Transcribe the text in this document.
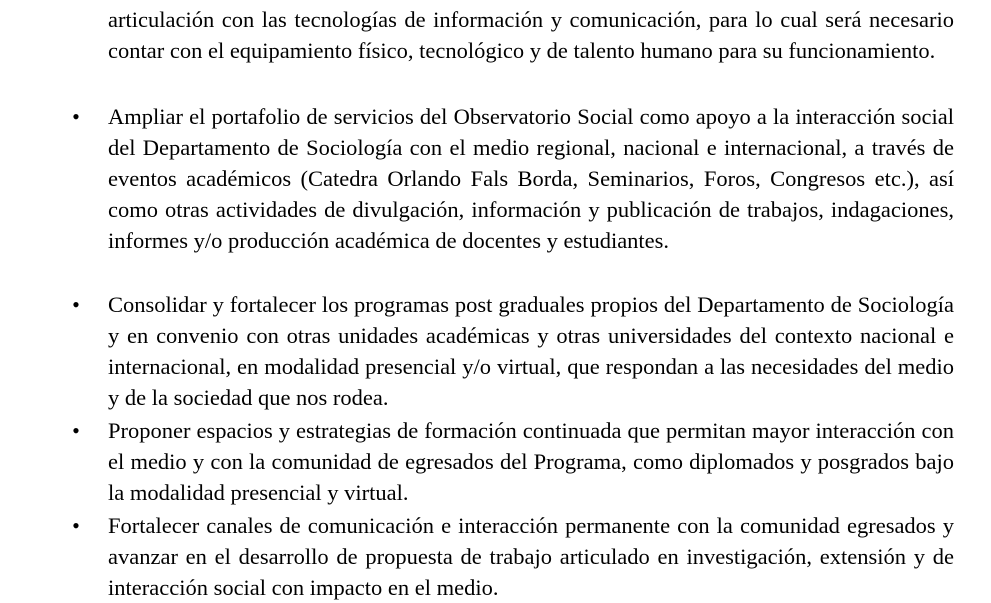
articulación con las tecnologías de información y comunicación, para lo cual será necesario contar con el equipamiento físico, tecnológico y de talento humano para su funcionamiento.
• Ampliar el portafolio de servicios del Observatorio Social como apoyo a la interacción social del Departamento de Sociología con el medio regional, nacional e internacional, a través de eventos académicos (Catedra Orlando Fals Borda, Seminarios, Foros, Congresos etc.), así como otras actividades de divulgación, información y publicación de trabajos, indagaciones, informes y/o producción académica de docentes y estudiantes.
• Consolidar y fortalecer los programas post graduales propios del Departamento de Sociología y en convenio con otras unidades académicas y otras universidades del contexto nacional e internacional, en modalidad presencial y/o virtual, que respondan a las necesidades del medio y de la sociedad que nos rodea.
• Proponer espacios y estrategias de formación continuada que permitan mayor interacción con el medio y con la comunidad de egresados del Programa, como diplomados y posgrados bajo la modalidad presencial y virtual.
• Fortalecer canales de comunicación e interacción permanente con la comunidad egresados y avanzar en el desarrollo de propuesta de trabajo articulado en investigación, extensión y de interacción social con impacto en el medio.
